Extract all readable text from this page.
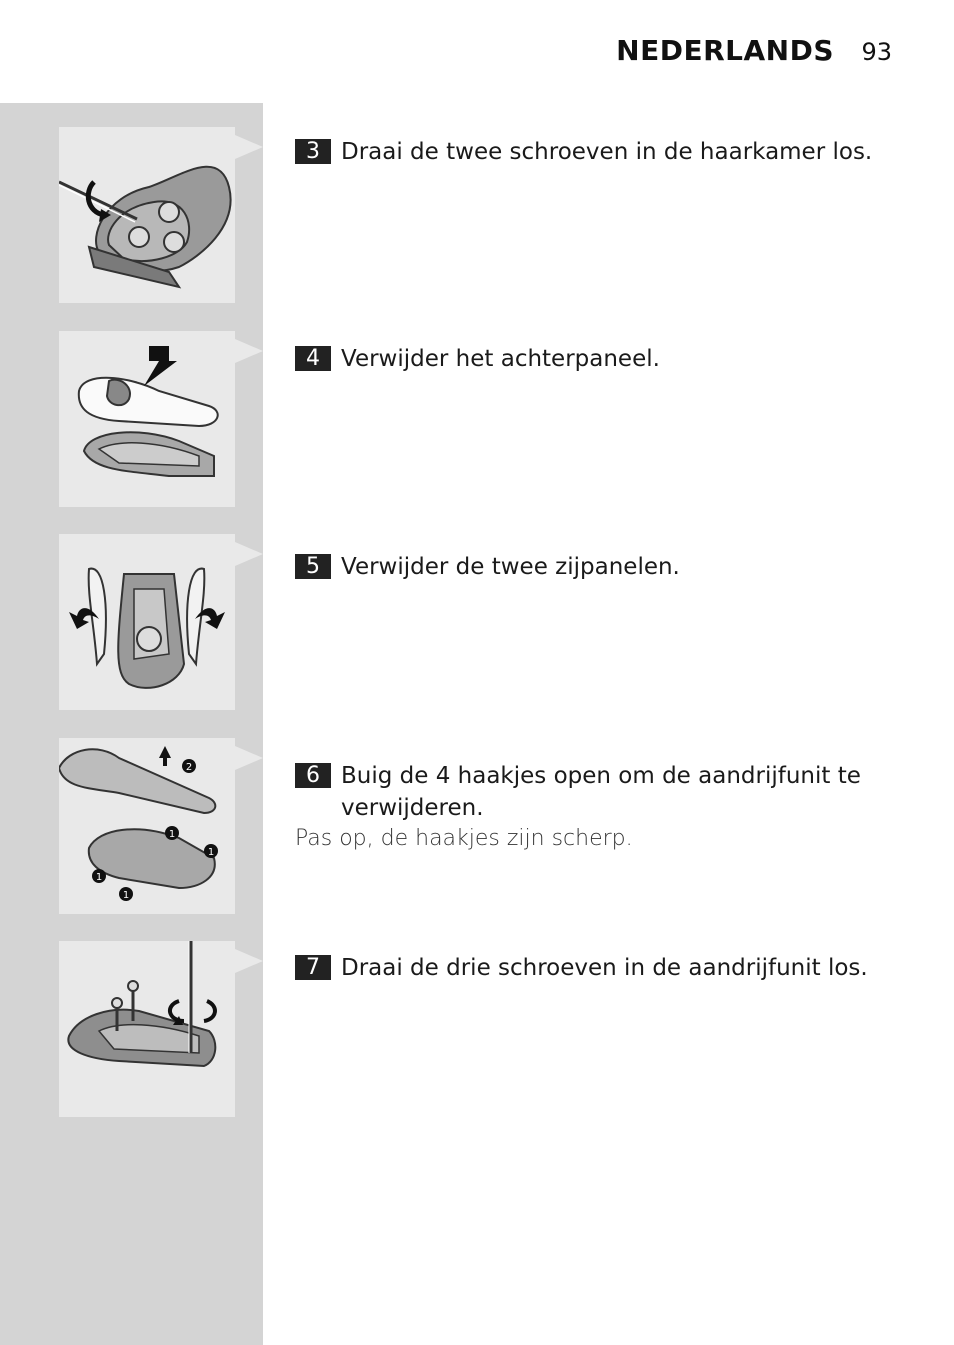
NEDERLANDS 93
2
1
1
1
1
3 Draai de twee schroeven in de haarkamer los.
4 Verwijder het achterpaneel.
5 Verwijder de twee zijpanelen.
6 Buig de 4 haakjes open om de aandrijfunit te verwijderen.
Pas op, de haakjes zijn scherp.
7 Draai de drie schroeven in de aandrijfunit los.
